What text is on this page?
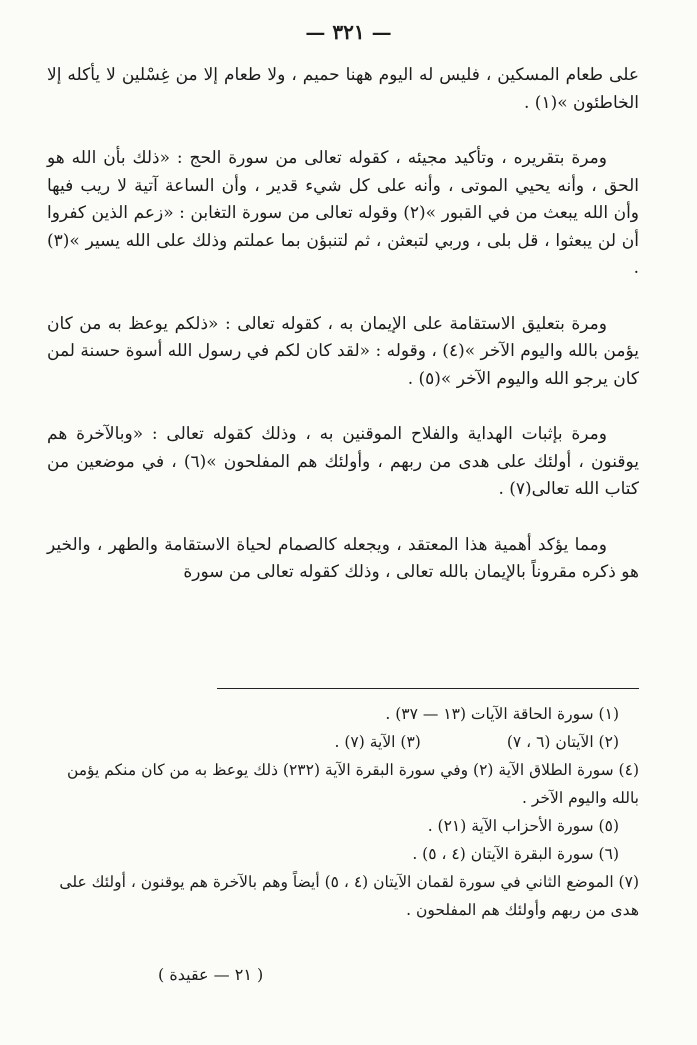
— ٣٢١ —

على طعام المسكين ، فليس له اليوم ههنا حميم ، ولا طعام إلا من غِسْلين لا يأكله إلا الخاطئون »(١) .

ومرة بتقريره ، وتأكيد مجيئه ، كقوله تعالى من سورة الحج : «ذلك بأن الله هو الحق ، وأنه يحيي الموتى ، وأنه على كل شيء قدير ، وأن الساعة آتية لا ريب فيها وأن الله يبعث من في القبور »(٢) وقوله تعالى من سورة التغابن : «زعم الذين كفروا أن لن يبعثوا ، قل بلى ، وربي لتبعثن ، ثم لتنبؤن بما عملتم وذلك على الله يسير »(٣) .

ومرة بتعليق الاستقامة على الإيمان به ، كقوله تعالى : «ذلكم يوعظ به من كان يؤمن بالله واليوم الآخر »(٤) ، وقوله : «لقد كان لكم في رسول الله أسوة حسنة لمن كان يرجو الله واليوم الآخر »(٥) .

ومرة بإثبات الهداية والفلاح الموقنين به ، وذلك كقوله تعالى : «وبالآخرة هم يوقنون ، أولئك على هدى من ربهم ، وأولئك هم المفلحون »(٦) ، في موضعين من كتاب الله تعالى(٧) .

ومما يؤكد أهمية هذا المعتقد ، ويجعله كالصمام لحياة الاستقامة والطهر ، والخير هو ذكره مقروناً بالإيمان بالله تعالى ، وذلك كقوله تعالى من سورة

(١) سورة الحاقة الآيات (١٣ — ٣٧) .
(٢) الآيتان (٦ ، ٧)
(٣) الآية (٧) .
(٤) سورة الطلاق الآية (٢) وفي سورة البقرة الآية (٢٣٢) ذلك يوعظ به من كان منكم يؤمن بالله واليوم الآخر .
(٥) سورة الأحزاب الآية (٢١) .
(٦) سورة البقرة الآيتان (٤ ، ٥) .
(٧) الموضع الثاني في سورة لقمان الآيتان (٤ ، ٥) أيضاً وهم بالآخرة هم يوقنون ، أولئك على هدى من ربهم وأولئك هم المفلحون .
( ٢١ — عقيدة )
